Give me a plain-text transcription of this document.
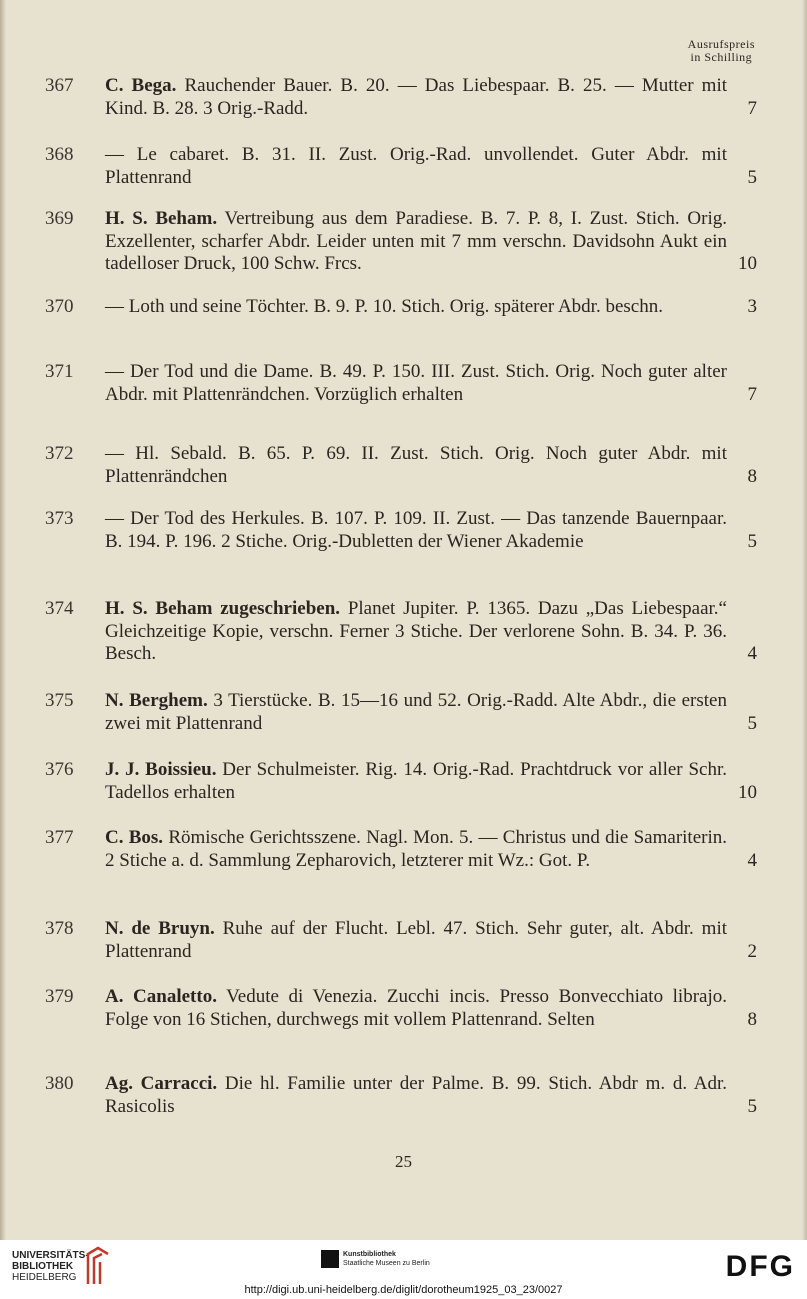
Ausrufspreis
in Schilling
367	C. Bega. Rauchender Bauer. B. 20. — Das Liebespaar. B. 25. — Mutter mit Kind. B. 28. 3 Orig.-Radd.	7
368	— Le cabaret. B. 31. II. Zust. Orig.-Rad. unvollendet. Guter Abdr. mit Plattenrand	5
369	H. S. Beham. Vertreibung aus dem Paradiese. B. 7. P. 8, I. Zust. Stich. Orig. Exzellenter, scharfer Abdr. Leider unten mit 7 mm verschn. Davidsohn Aukt ein tadelloser Druck, 100 Schw. Frcs.	10
370	— Loth und seine Töchter. B. 9. P. 10. Stich. Orig. späterer Abdr. beschn.	3
371	— Der Tod und die Dame. B. 49. P. 150. III. Zust. Stich. Orig. Noch guter alter Abdr. mit Plattenrändchen. Vorzüglich erhalten	7
372	— Hl. Sebald. B. 65. P. 69. II. Zust. Stich. Orig. Noch guter Abdr. mit Plattenrändchen	8
373	— Der Tod des Herkules. B. 107. P. 109. II. Zust. — Das tanzende Bauernpaar. B. 194. P. 196. 2 Stiche. Orig.-Dubletten der Wiener Akademie	5
374	H. S. Beham zugeschrieben. Planet Jupiter. P. 1365. Dazu „Das Liebespaar.“ Gleichzeitige Kopie, verschn. Ferner 3 Stiche. Der verlorene Sohn. B. 34. P. 36. Besch.	4
375	N. Berghem. 3 Tierstücke. B. 15—16 und 52. Orig.-Radd. Alte Abdr., die ersten zwei mit Plattenrand	5
376	J. J. Boissieu. Der Schulmeister. Rig. 14. Orig.-Rad. Prachtdruck vor aller Schr. Tadellos erhalten	10
377	C. Bos. Römische Gerichtsszene. Nagl. Mon. 5. — Christus und die Samariterin. 2 Stiche a. d. Sammlung Zepharovich, letzterer mit Wz.: Got. P.	4
378	N. de Bruyn. Ruhe auf der Flucht. Lebl. 47. Stich. Sehr guter, alt. Abdr. mit Plattenrand	2
379	A. Canaletto. Vedute di Venezia. Zucchi incis. Presso Bonvecchiato librajo. Folge von 16 Stichen, durchwegs mit vollem Plattenrand. Selten	8
380	Ag. Carracci. Die hl. Familie unter der Palme. B. 99. Stich. Abdr m. d. Adr. Rasicolis	5
25
UNIVERSITÄTS-
BIBLIOTHEK
HEIDELBERG
Kunstbibliothek
Staatliche Museen zu Berlin	DFG
http://digi.ub.uni-heidelberg.de/diglit/dorotheum1925_03_23/0027
